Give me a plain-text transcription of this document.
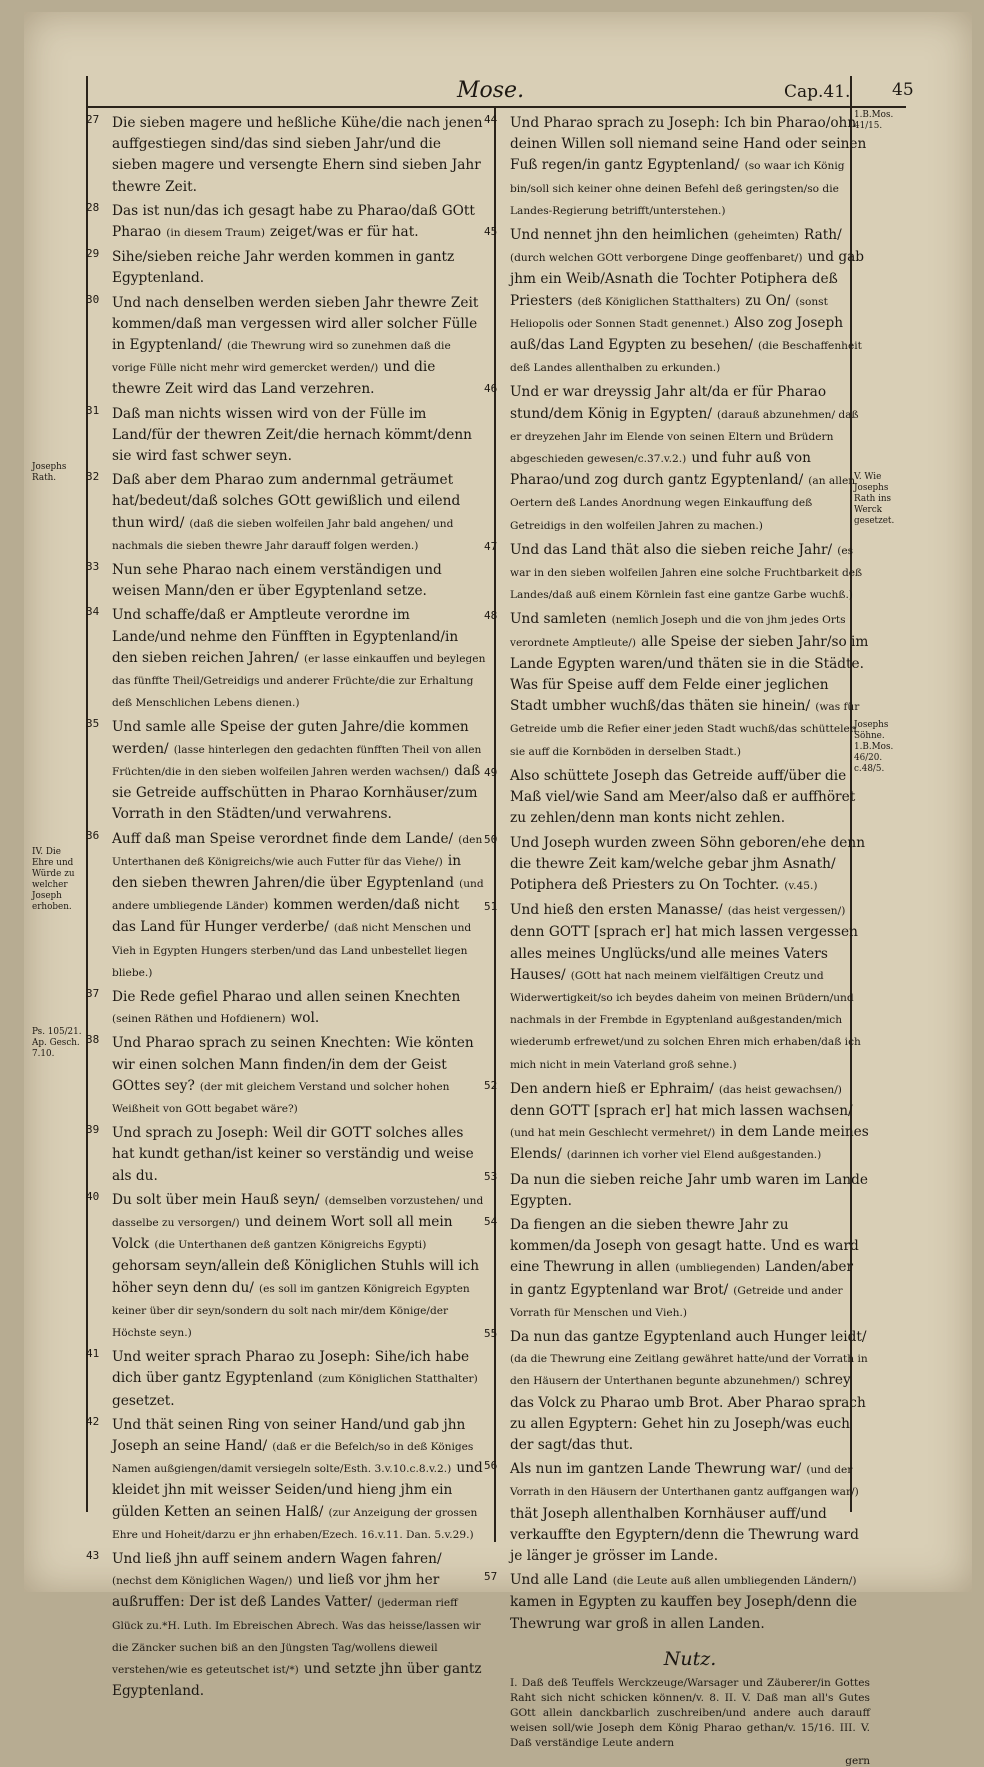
Mose.	Cap.41. 45
Josephs Rath.
IV. Die Ehre und Würde zu welcher Joseph erhoben.
Ps. 105/21. Ap. Gesch. 7.10.
1.B.Mos. 41/15.
V. Wie Josephs Rath ins Werck gesetzet.
Josephs Söhne. 1.B.Mos. 46/20. c.48/5.
27 Die sieben magere und heßliche Kühe/die nach jenen auffgestiegen sind/das sind sieben Jahr/und die sieben magere und versengte Ehern sind sieben Jahr thewre Zeit.
28 Das ist nun/das ich gesagt habe zu Pharao/daß GOtt Pharao (in diesem Traum) zeiget/was er für hat.
29 Sihe/sieben reiche Jahr werden kommen in gantz Egyptenland.
30 Und nach denselben werden sieben Jahr thewre Zeit kommen/daß man vergessen wird aller solcher Fülle in Egyptenland/ (die Thewrung wird so zunehmen daß die vorige Fülle nicht mehr wird gemercket werden/) und die thewre Zeit wird das Land verzehren.
31 Daß man nichts wissen wird von der Fülle im Land/für der thewren Zeit/die hernach kömmt/denn sie wird fast schwer seyn.
32 Daß aber dem Pharao zum andernmal geträumet hat/bedeut/daß solches GOtt gewißlich und eilend thun wird/ (daß die sieben wolfeilen Jahr bald angehen/ und nachmals die sieben thewre Jahr darauff folgen werden.)
33 Nun sehe Pharao nach einem verständigen und weisen Mann/den er über Egyptenland setze.
34 Und schaffe/daß er Amptleute verordne im Lande/und nehme den Fünfften in Egyptenland/in den sieben reichen Jahren/ (er lasse einkauffen und beylegen das fünffte Theil/Getreidigs und anderer Früchte/die zur Erhaltung deß Menschlichen Lebens dienen.)
35 Und samle alle Speise der guten Jahre/die kommen werden/ (lasse hinterlegen den gedachten fünfften Theil von allen Früchten/die in den sieben wolfeilen Jahren werden wachsen/) daß sie Getreide auffschütten in Pharao Kornhäuser/zum Vorrath in den Städten/und verwahrens.
36 Auff daß man Speise verordnet finde dem Lande/ (den Unterthanen deß Königreichs/wie auch Futter für das Viehe/) in den sieben thewren Jahren/die über Egyptenland (und andere umbliegende Länder) kommen werden/daß nicht das Land für Hunger verderbe/ (daß nicht Menschen und Vieh in Egypten Hungers sterben/und das Land unbestellet liegen bliebe.)
37 Die Rede gefiel Pharao und allen seinen Knechten (seinen Räthen und Hofdienern) wol.
38 Und Pharao sprach zu seinen Knechten: Wie könten wir einen solchen Mann finden/in dem der Geist GOttes sey? (der mit gleichem Verstand und solcher hohen Weißheit von GOtt begabet wäre?)
39 Und sprach zu Joseph: Weil dir GOTT solches alles hat kundt gethan/ist keiner so verständig und weise als du.
40 Du solt über mein Hauß seyn/ (demselben vorzustehen/ und dasselbe zu versorgen/) und deinem Wort soll all mein Volck (die Unterthanen deß gantzen Königreichs Egypti) gehorsam seyn/allein deß Königlichen Stuhls will ich höher seyn denn du/ (es soll im gantzen Königreich Egypten keiner über dir seyn/sondern du solt nach mir/dem Könige/der Höchste seyn.)
41 Und weiter sprach Pharao zu Joseph: Sihe/ich habe dich über gantz Egyptenland (zum Königlichen Statthalter) gesetzet.
42 Und thät seinen Ring von seiner Hand/und gab jhn Joseph an seine Hand/ (daß er die Befelch/so in deß Königes Namen außgiengen/damit versiegeln solte/Esth. 3.v.10.c.8.v.2.) und kleidet jhn mit weisser Seiden/und hieng jhm ein gülden Ketten an seinen Halß/ (zur Anzeigung der grossen Ehre und Hoheit/darzu er jhn erhaben/Ezech. 16.v.11. Dan. 5.v.29.)
43 Und ließ jhn auff seinem andern Wagen fahren/ (nechst dem Königlichen Wagen/) und ließ vor jhm her außruffen: Der ist deß Landes Vatter/ (jederman rieff Glück zu.*H. Luth. Im Ebreischen Abrech. Was das heisse/lassen wir die Zäncker suchen biß an den Jüngsten Tag/wollens dieweil verstehen/wie es geteutschet ist/*) und setzte jhn über gantz Egyptenland.
44 Und Pharao sprach zu Joseph: Ich bin Pharao/ohn deinen Willen soll niemand seine Hand oder seinen Fuß regen/in gantz Egyptenland/ (so waar ich König bin/soll sich keiner ohne deinen Befehl deß geringsten/so die Landes-Regierung betrifft/unterstehen.)
45 Und nennet jhn den heimlichen (geheimten) Rath/ (durch welchen GOtt verborgene Dinge geoffenbaret/) und gab jhm ein Weib/Asnath die Tochter Potiphera deß Priesters (deß Königlichen Statthalters) zu On/ (sonst Heliopolis oder Sonnen Stadt genennet.) Also zog Joseph auß/das Land Egypten zu besehen/ (die Beschaffenheit deß Landes allenthalben zu erkunden.)
46 Und er war dreyssig Jahr alt/da er für Pharao stund/dem König in Egypten/ (darauß abzunehmen/ daß er dreyzehen Jahr im Elende von seinen Eltern und Brüdern abgeschieden gewesen/c.37.v.2.) und fuhr auß von Pharao/und zog durch gantz Egyptenland/ (an allen Oertern deß Landes Anordnung wegen Einkauffung deß Getreidigs in den wolfeilen Jahren zu machen.)
47 Und das Land thät also die sieben reiche Jahr/ (es war in den sieben wolfeilen Jahren eine solche Fruchtbarkeit deß Landes/daß auß einem Körnlein fast eine gantze Garbe wuchß.)
48 Und samleten (nemlich Joseph und die von jhm jedes Orts verordnete Amptleute/) alle Speise der sieben Jahr/so im Lande Egypten waren/und thäten sie in die Städte. Was für Speise auff dem Felde einer jeglichen Stadt umbher wuchß/das thäten sie hinein/ (was für Getreide umb die Refier einer jeden Stadt wuchß/das schüttelen sie auff die Kornböden in derselben Stadt.)
49 Also schüttete Joseph das Getreide auff/über die Maß viel/wie Sand am Meer/also daß er auffhöret zu zehlen/denn man konts nicht zehlen.
50 Und Joseph wurden zween Söhn geboren/ehe denn die thewre Zeit kam/welche gebar jhm Asnath/ Potiphera deß Priesters zu On Tochter. (v.45.)
51 Und hieß den ersten Manasse/ (das heist vergessen/) denn GOTT [sprach er] hat mich lassen vergessen alles meines Unglücks/und alle meines Vaters Hauses/ (GOtt hat nach meinem vielfältigen Creutz und Widerwertigkeit/so ich beydes daheim von meinen Brüdern/und nachmals in der Frembde in Egyptenland außgestanden/mich wiederumb erfrewet/und zu solchen Ehren mich erhaben/daß ich mich nicht in mein Vaterland groß sehne.)
52 Den andern hieß er Ephraim/ (das heist gewachsen/) denn GOTT [sprach er] hat mich lassen wachsen/ (und hat mein Geschlecht vermehret/) in dem Lande meines Elends/ (darinnen ich vorher viel Elend außgestanden.)
53 Da nun die sieben reiche Jahr umb waren im Lande Egypten.
54 Da fiengen an die sieben thewre Jahr zu kommen/da Joseph von gesagt hatte. Und es ward eine Thewrung in allen (umbliegenden) Landen/aber in gantz Egyptenland war Brot/ (Getreide und ander Vorrath für Menschen und Vieh.)
55 Da nun das gantze Egyptenland auch Hunger leidt/ (da die Thewrung eine Zeitlang gewähret hatte/und der Vorrath in den Häusern der Unterthanen begunte abzunehmen/) schrey das Volck zu Pharao umb Brot. Aber Pharao sprach zu allen Egyptern: Gehet hin zu Joseph/was euch der sagt/das thut.
56 Als nun im gantzen Lande Thewrung war/ (und der Vorrath in den Häusern der Unterthanen gantz auffgangen war/) thät Joseph allenthalben Kornhäuser auff/und verkauffte den Egyptern/denn die Thewrung ward je länger je grösser im Lande.
57 Und alle Land (die Leute auß allen umbliegenden Ländern/) kamen in Egypten zu kauffen bey Joseph/denn die Thewrung war groß in allen Landen.
Nutz.
I. Daß deß Teuffels Werckzeuge/Warsager und Zäuberer/in Gottes Raht sich nicht schicken können/v. 8. II. V. Daß man all's Gutes GOtt allein danckbarlich zuschreiben/und andere auch darauff weisen soll/wie Joseph dem König Pharao gethan/v. 15/16. III. V. Daß verständige Leute andern
gern
